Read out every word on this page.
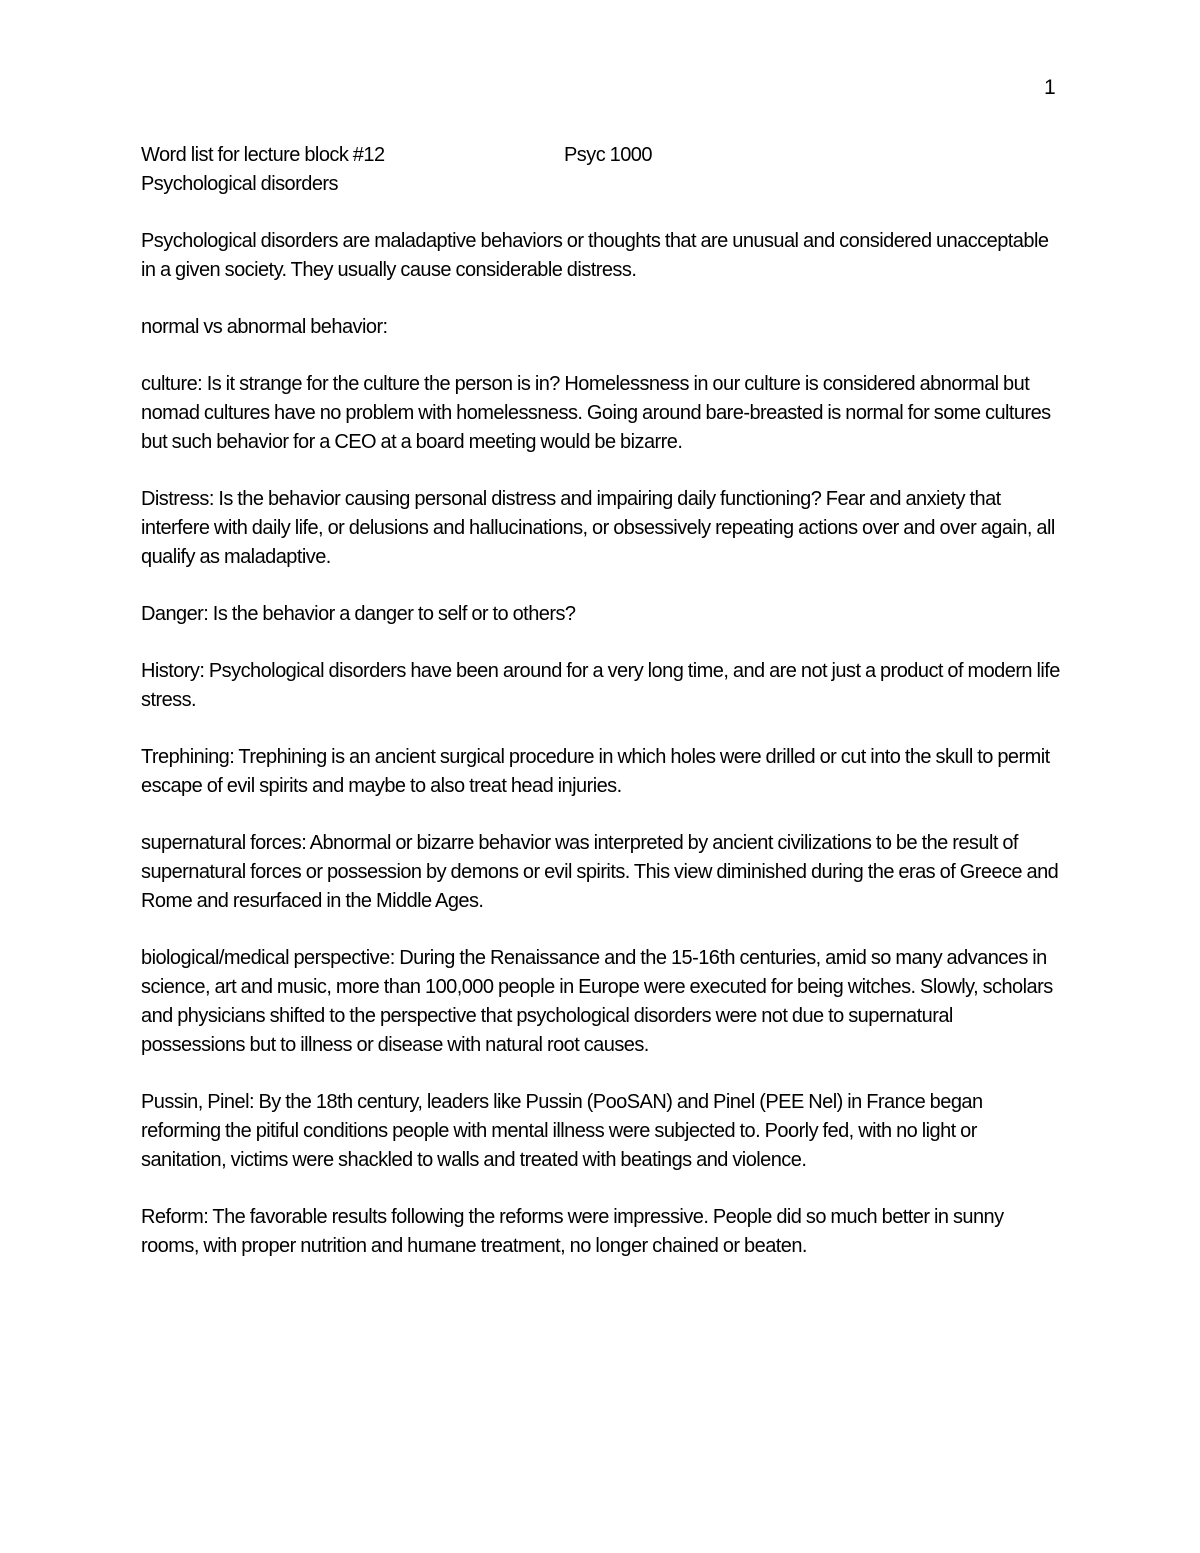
1
Word list for lecture block #12	Psyc 1000
Psychological disorders

Psychological disorders are maladaptive behaviors or thoughts that are unusual and considered unacceptable in a given society. They usually cause considerable distress.

normal vs abnormal behavior:

culture: Is it strange for the culture the person is in? Homelessness in our culture is considered abnormal but nomad cultures have no problem with homelessness. Going around bare-breasted is normal for some cultures but such behavior for a CEO at a board meeting would be bizarre.

Distress: Is the behavior causing personal distress and impairing daily functioning? Fear and anxiety that interfere with daily life, or delusions and hallucinations, or obsessively repeating actions over and over again, all qualify as maladaptive.

Danger: Is the behavior a danger to self or to others?

History: Psychological disorders have been around for a very long time, and are not just a product of modern life stress.

Trephining: Trephining is an ancient surgical procedure in which holes were drilled or cut into the skull to permit escape of evil spirits and maybe to also treat head injuries.

supernatural forces: Abnormal or bizarre behavior was interpreted by ancient civilizations to be the result of supernatural forces or possession by demons or evil spirits. This view diminished during the eras of Greece and Rome and resurfaced in the Middle Ages.

biological/medical perspective: During the Renaissance and the 15-16th centuries, amid so many advances in science, art and music, more than 100,000 people in Europe were executed for being witches. Slowly, scholars and physicians shifted to the perspective that psychological disorders were not due to supernatural possessions but to illness or disease with natural root causes.

Pussin, Pinel: By the 18th century, leaders like Pussin (PooSAN) and Pinel (PEE Nel) in France began reforming the pitiful conditions people with mental illness were subjected to. Poorly fed, with no light or sanitation, victims were shackled to walls and treated with beatings and violence.

Reform: The favorable results following the reforms were impressive. People did so much better in sunny rooms, with proper nutrition and humane treatment, no longer chained or beaten.
